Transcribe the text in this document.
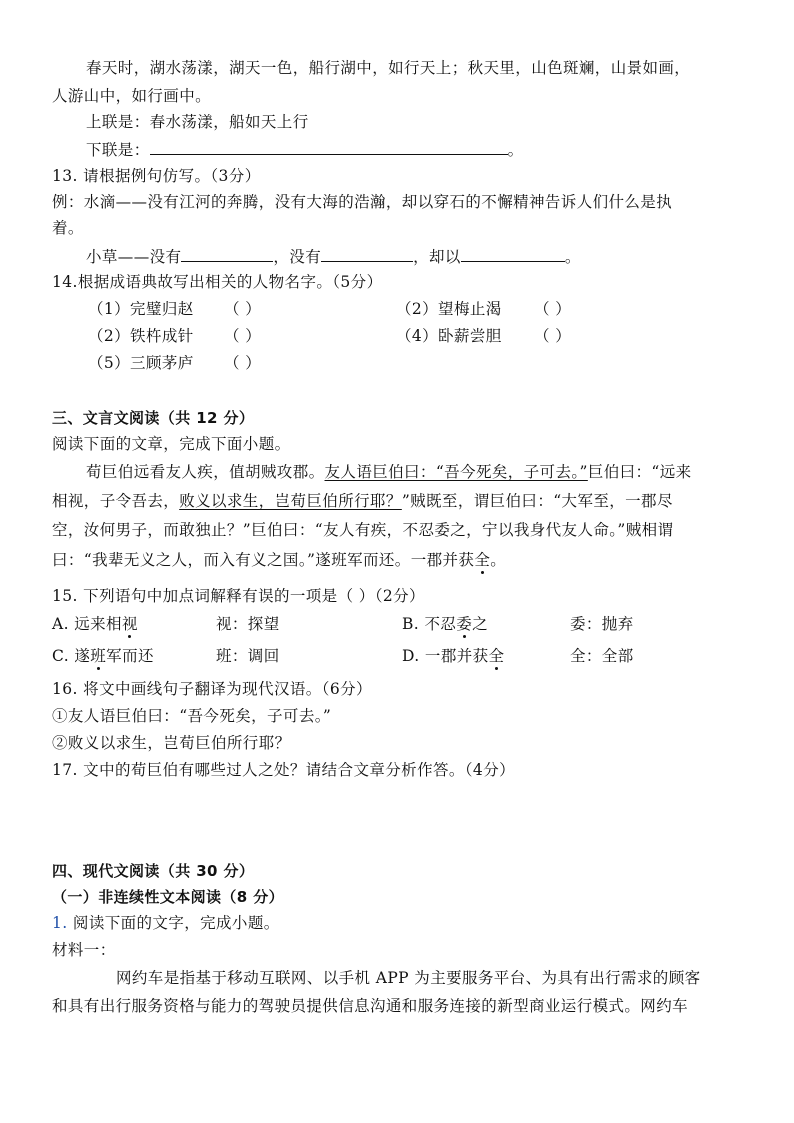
春天时，湖水荡漾，湖天一色，船行湖中，如行天上；秋天里，山色斑斓，山景如画，
人游山中，如行画中。
上联是：春水荡漾，船如天上行
下联是：	。
13. 请根据例句仿写。（3分）
例：水滴——没有江河的奔腾，没有大海的浩瀚，却以穿石的不懈精神告诉人们什么是执
着。
小草——没有	，没有	，却以	。
14.根据成语典故写出相关的人物名字。（5分）
（1）完璧归赵 （ ）	（2）望梅止渴 （ ）
（2）铁杵成针 （ ）	（4）卧薪尝胆 （ ）
（5）三顾茅庐 （ ）
三、文言文阅读（共 12 分）
阅读下面的文章，完成下面小题。
荀巨伯远看友人疾，值胡贼攻郡。友人语巨伯曰：“吾今死矣，子可去。”巨伯曰：“远来
相视，子令吾去，败义以求生，岂荀巨伯所行耶？”贼既至，谓巨伯曰：“大军至，一郡尽
空，汝何男子，而敢独止？”巨伯曰：“友人有疾，不忍委之，宁以我身代友人命。”贼相谓
曰：“我辈无义之人，而入有义之国。”遂班军而还。一郡并获全。
15. 下列语句中加点词解释有误的一项是（ ）（2分）
A. 远来相视	视：探望	B. 不忍委之	委：抛弃
C. 遂班军而还	班：调回	D. 一郡并获全	全：全部
16. 将文中画线句子翻译为现代汉语。（6分）
①友人语巨伯曰：“吾今死矣，子可去。”
②败义以求生，岂荀巨伯所行耶？
17. 文中的荀巨伯有哪些过人之处？请结合文章分析作答。（4分）
四、现代文阅读（共 30 分）
（一）非连续性文本阅读（8 分）
1. 阅读下面的文字，完成小题。
材料一：
网约车是指基于移动互联网、以手机 APP 为主要服务平台、为具有出行需求的顾客
和具有出行服务资格与能力的驾驶员提供信息沟通和服务连接的新型商业运行模式。网约车
